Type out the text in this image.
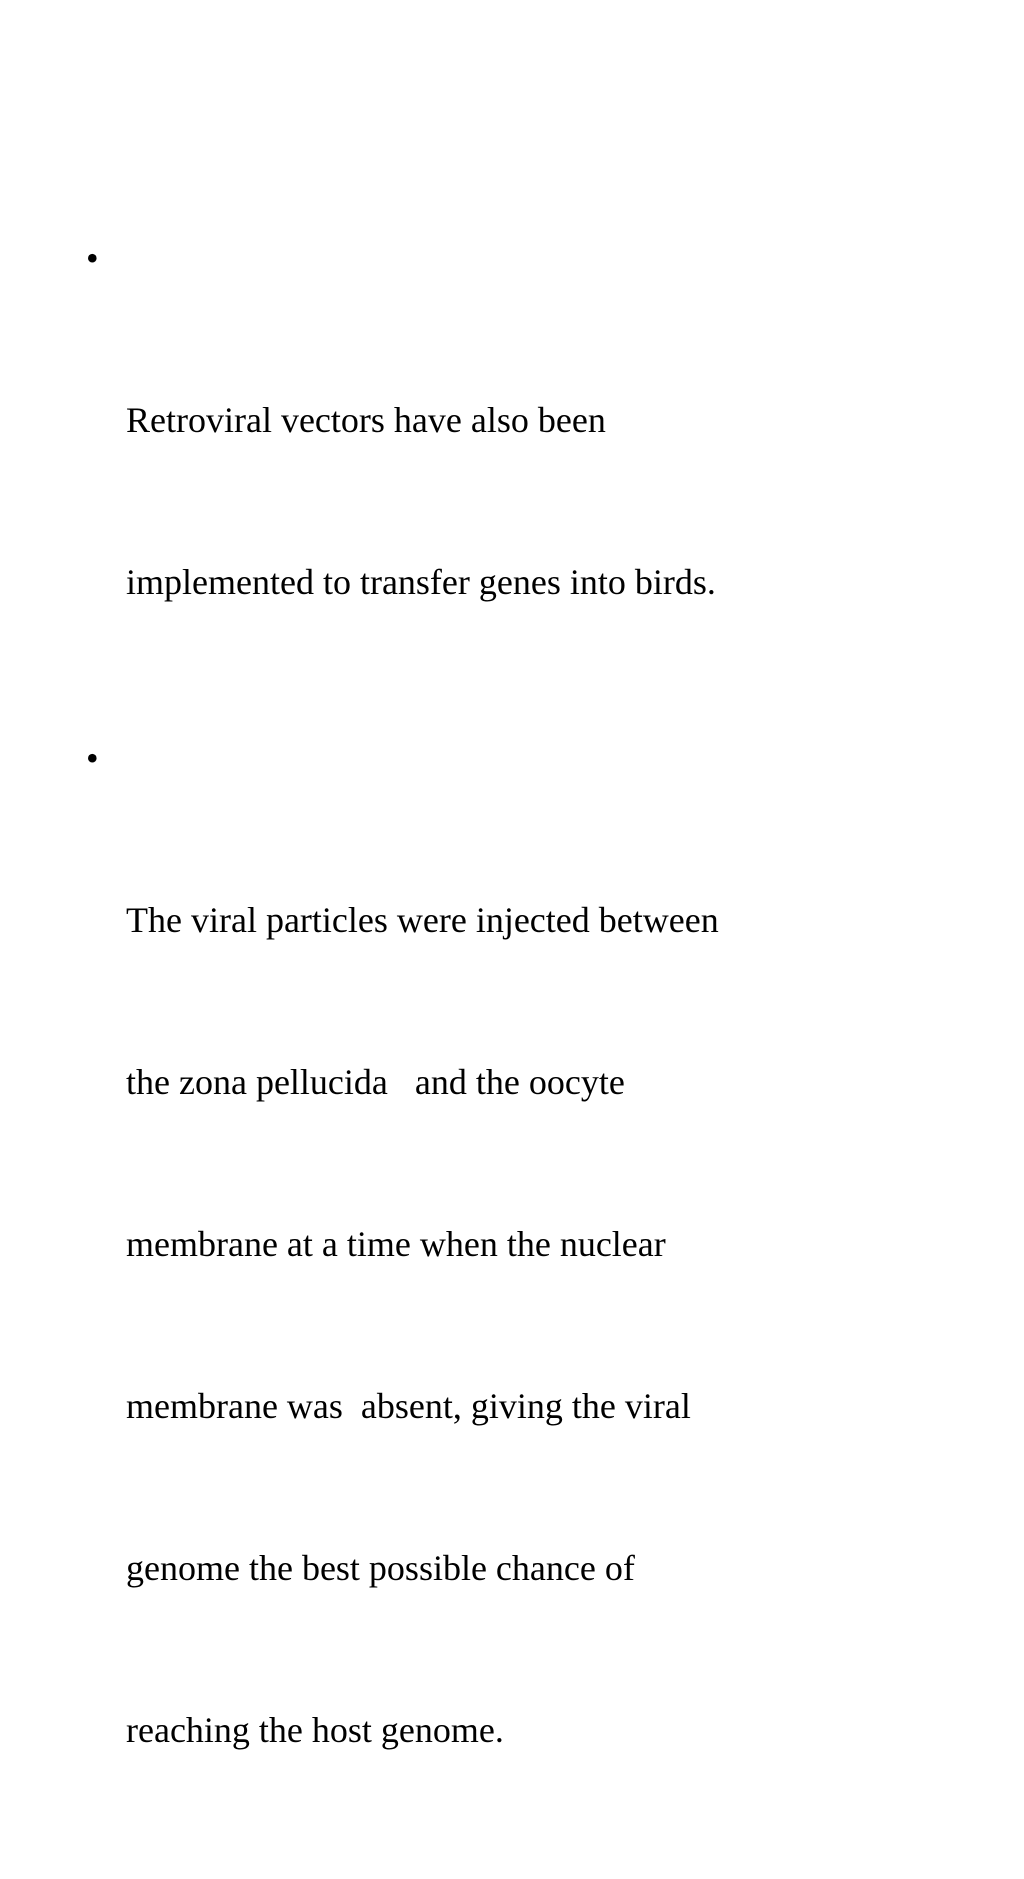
•

Retroviral vectors have also been

implemented to transfer genes into birds.

•

The viral particles were injected between

the zona pellucida   and the oocyte

membrane at a time when the nuclear

membrane was  absent, giving the viral

genome the best possible chance of

reaching the host genome.
